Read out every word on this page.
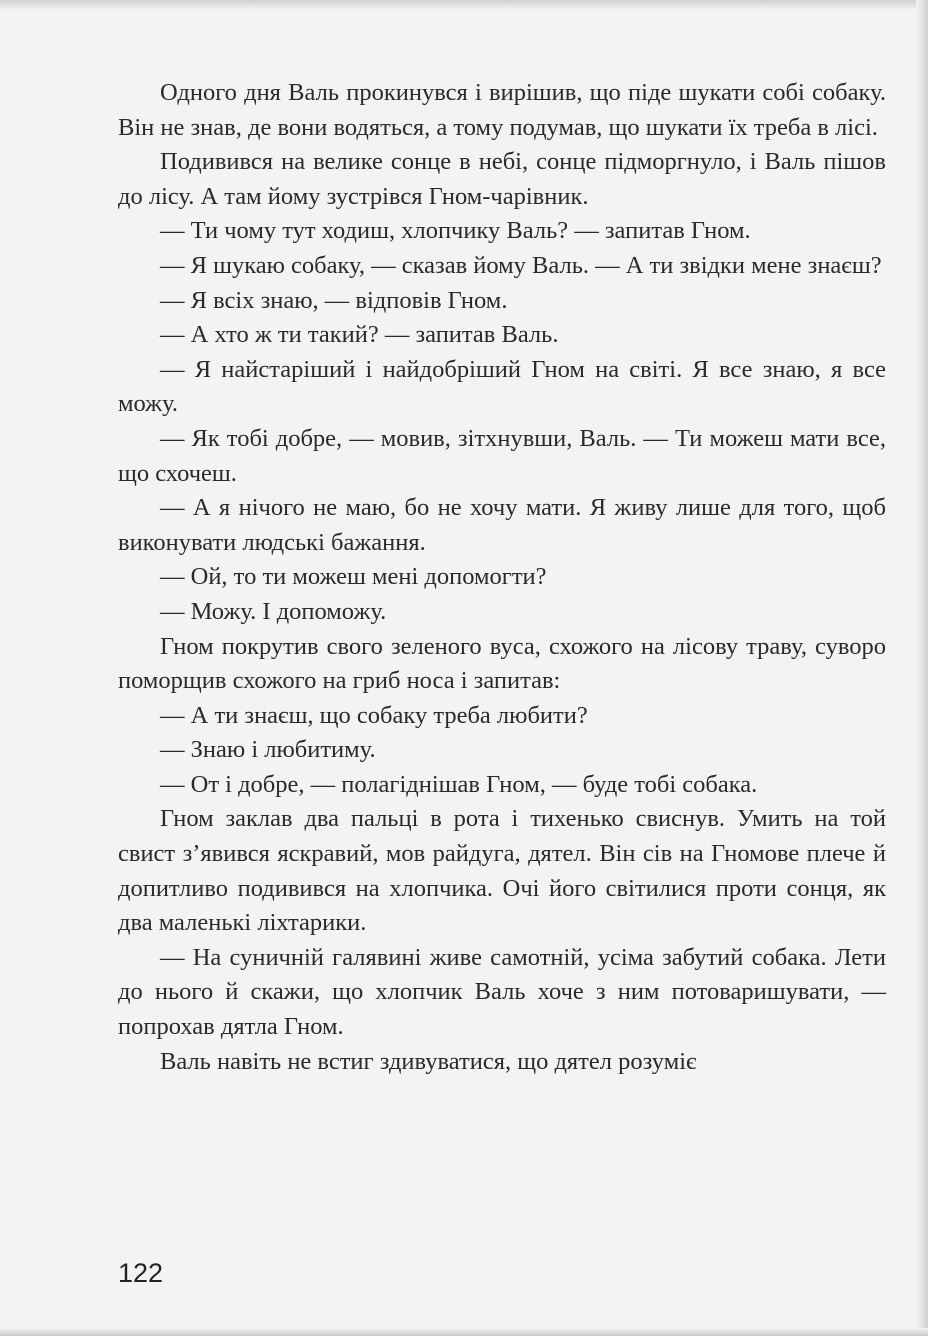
Одного дня Валь прокинувся і вирішив, що піде шукати собі собаку. Він не знав, де вони водяться, а тому подумав, що шукати їх треба в лісі.

Подивився на велике сонце в небі, сонце підморгнуло, і Валь пішов до лісу. А там йому зустрівся Гном-чарівник.

— Ти чому тут ходиш, хлопчику Валь? — запитав Гном.

— Я шукаю собаку, — сказав йому Валь. — А ти звідки мене знаєш?

— Я всіх знаю, — відповів Гном.

— А хто ж ти такий? — запитав Валь.

— Я найстаріший і найдобріший Гном на світі. Я все знаю, я все можу.

— Як тобі добре, — мовив, зітхнувши, Валь. — Ти можеш мати все, що схочеш.

— А я нічого не маю, бо не хочу мати. Я живу лише для того, щоб виконувати людські бажання.

— Ой, то ти можеш мені допомогти?

— Можу. І допоможу.

Гном покрутив свого зеленого вуса, схожого на лісову траву, суворо поморщив схожого на гриб носа і запитав:

— А ти знаєш, що собаку треба любити?

— Знаю і любитиму.

— От і добре, — полагіднішав Гном, — буде тобі собака.

Гном заклав два пальці в рота і тихенько свиснув. Умить на той свист з’явився яскравий, мов райдуга, дятел. Він сів на Гномове плече й допитливо подивився на хлопчика. Очі його світилися проти сонця, як два маленькі ліхтарики.

— На суничній галявині живе самотній, усіма забутий собака. Лети до нього й скажи, що хлопчик Валь хоче з ним потоваришувати, — попрохав дятла Гном.

Валь навіть не встиг здивуватися, що дятел розуміє

122
